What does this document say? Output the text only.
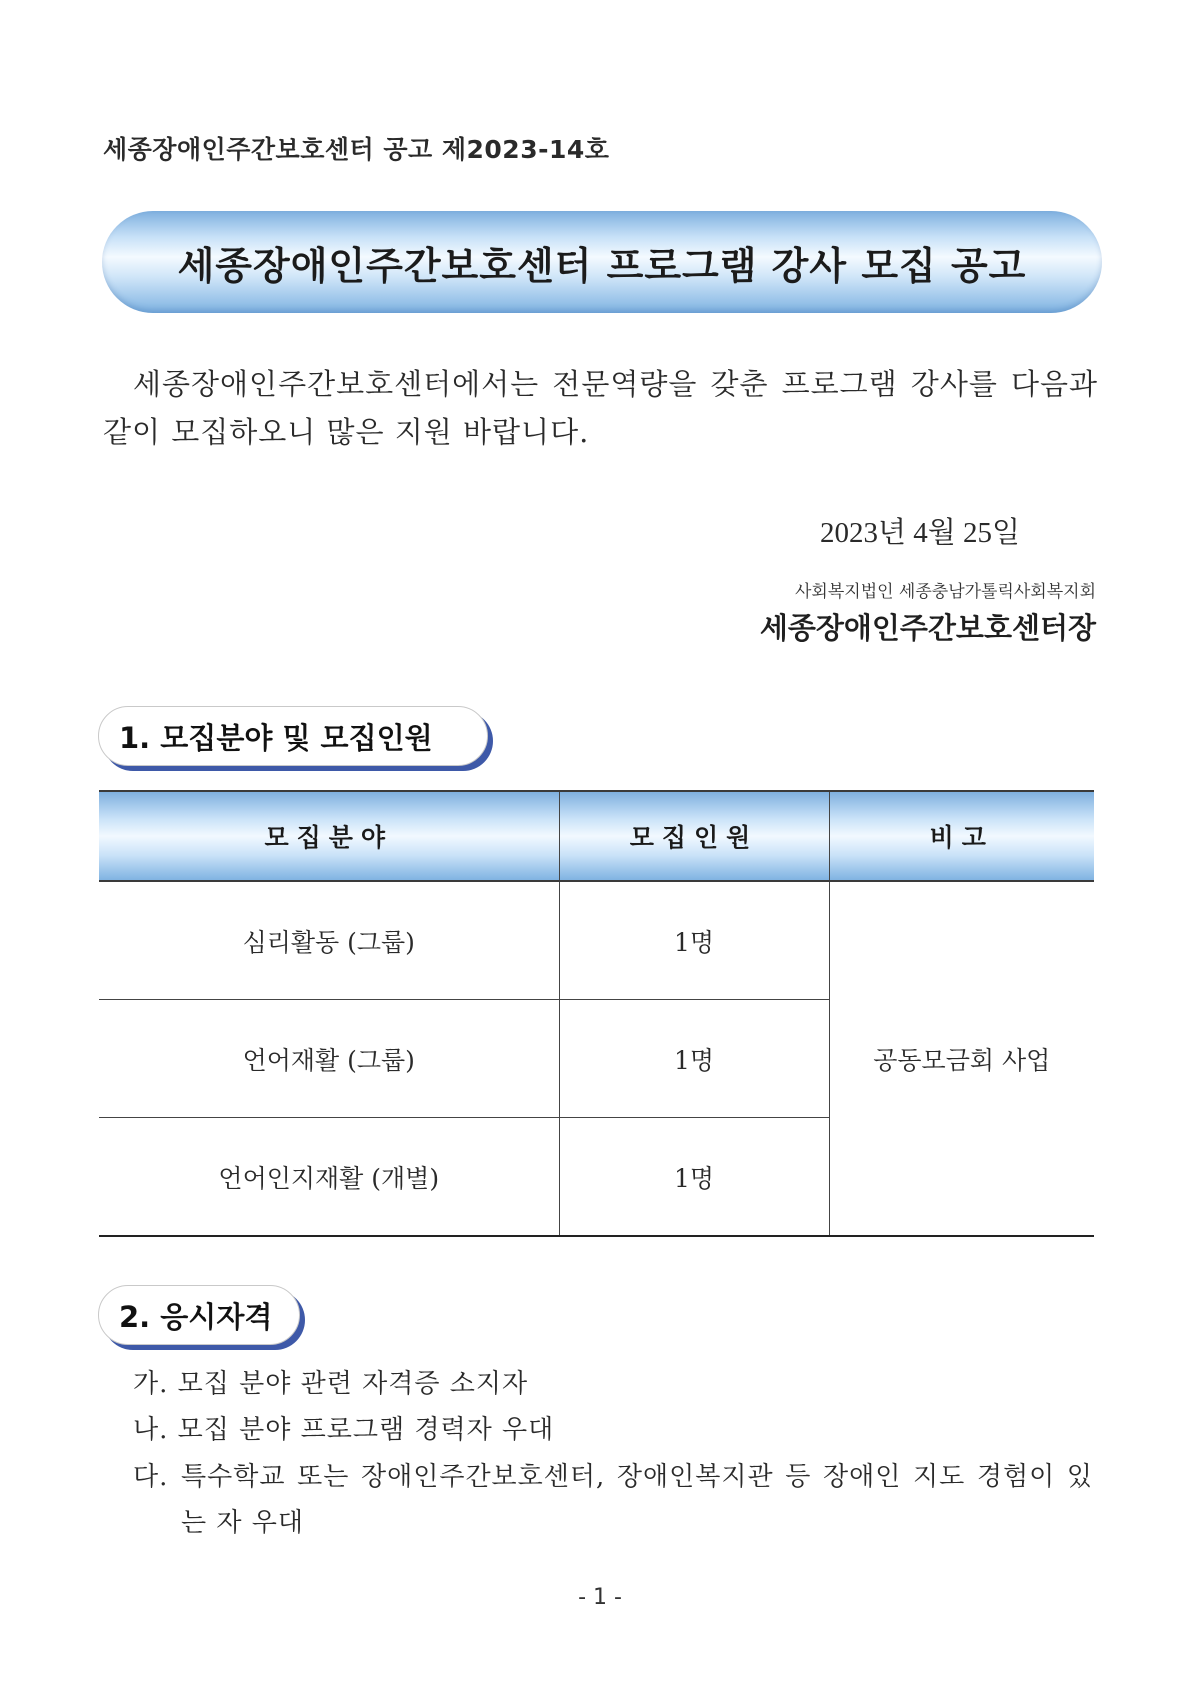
세종장애인주간보호센터 공고 제2023-14호
세종장애인주간보호센터 프로그램 강사 모집 공고
세종장애인주간보호센터에서는 전문역량을 갖춘 프로그램 강사를 다음과 같이 모집하오니 많은 지원 바랍니다.
2023년 4월 25일
사회복지법인 세종충남가톨릭사회복지회
세종장애인주간보호센터장
1. 모집분야 및 모집인원
모집분야	모집인원	비고
심리활동 (그룹)	1명	공동모금회 사업
언어재활 (그룹)	1명	
언어인지재활 (개별)	1명	
2. 응시자격
가. 모집 분야 관련 자격증 소지자
나. 모집 분야 프로그램 경력자 우대
다. 특수학교 또는 장애인주간보호센터, 장애인복지관 등 장애인 지도 경험이 있는 자 우대
- 1 -
